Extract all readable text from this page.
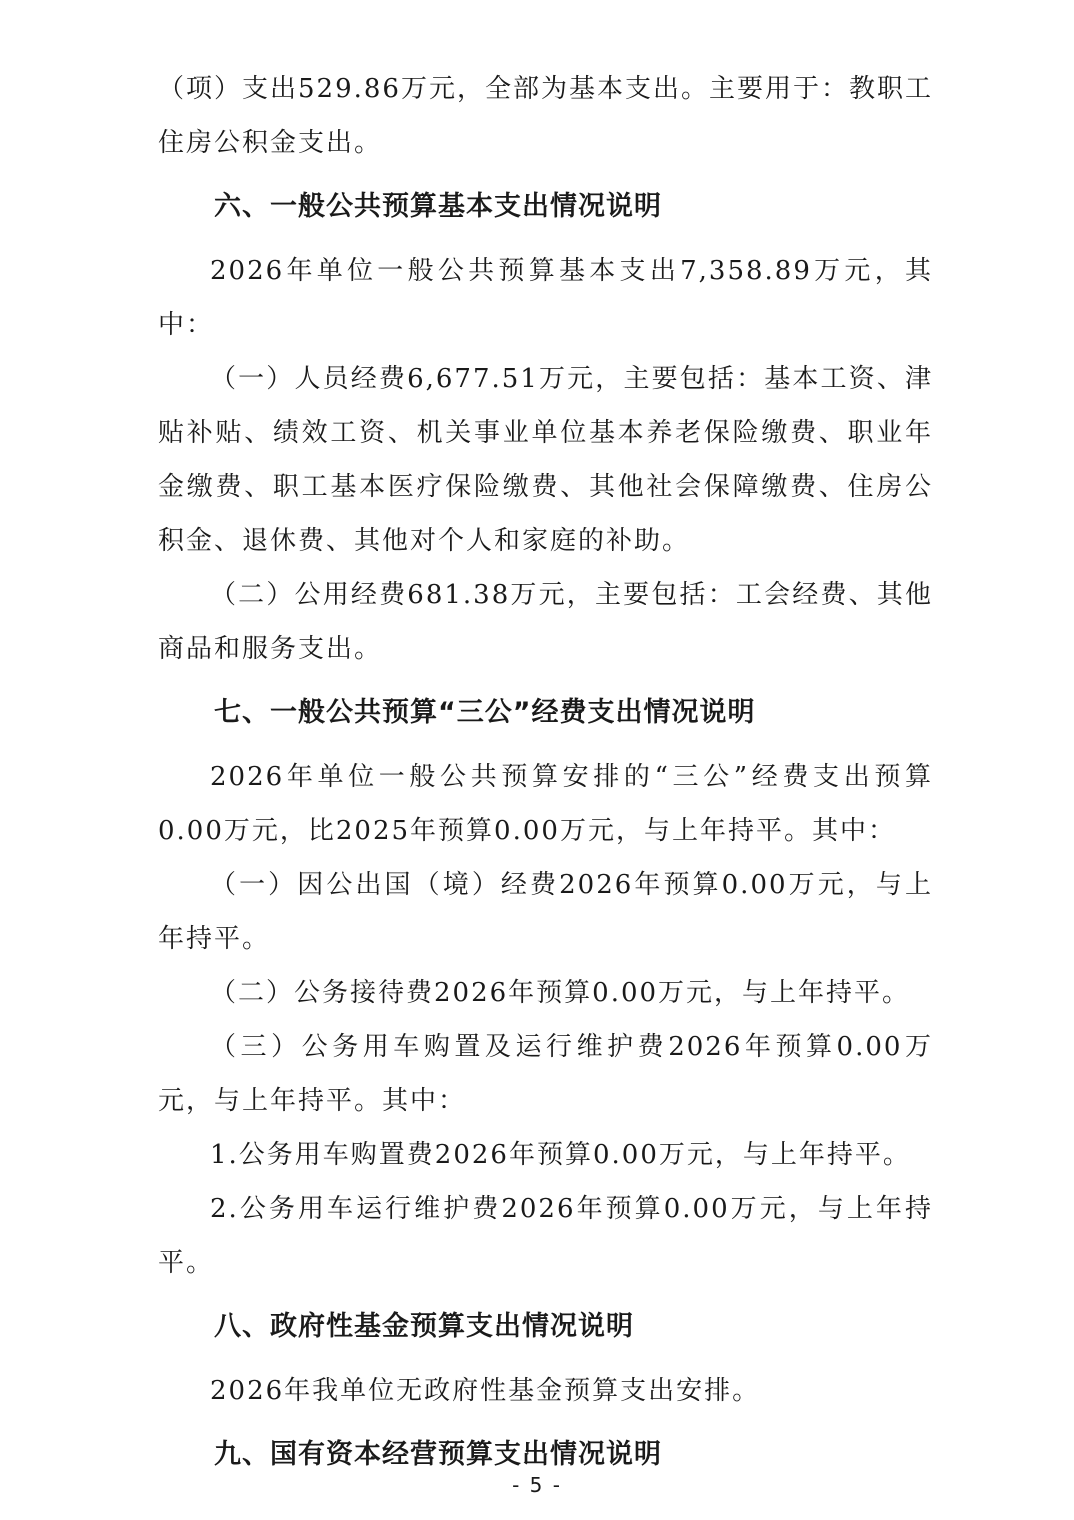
（项）支出529.86万元，全部为基本支出。主要用于：教职工住房公积金支出。

六、一般公共预算基本支出情况说明

2026年单位一般公共预算基本支出7,358.89万元，其中：

（一）人员经费6,677.51万元，主要包括：基本工资、津贴补贴、绩效工资、机关事业单位基本养老保险缴费、职业年金缴费、职工基本医疗保险缴费、其他社会保障缴费、住房公积金、退休费、其他对个人和家庭的补助。

（二）公用经费681.38万元，主要包括：工会经费、其他商品和服务支出。

七、一般公共预算“三公”经费支出情况说明

2026年单位一般公共预算安排的“三公”经费支出预算0.00万元，比2025年预算0.00万元，与上年持平。其中：

（一）因公出国（境）经费2026年预算0.00万元，与上年持平。

（二）公务接待费2026年预算0.00万元，与上年持平。

（三）公务用车购置及运行维护费2026年预算0.00万元，与上年持平。其中：

1.公务用车购置费2026年预算0.00万元，与上年持平。

2.公务用车运行维护费2026年预算0.00万元，与上年持平。

八、政府性基金预算支出情况说明

2026年我单位无政府性基金预算支出安排。

九、国有资本经营预算支出情况说明

- 5 -
